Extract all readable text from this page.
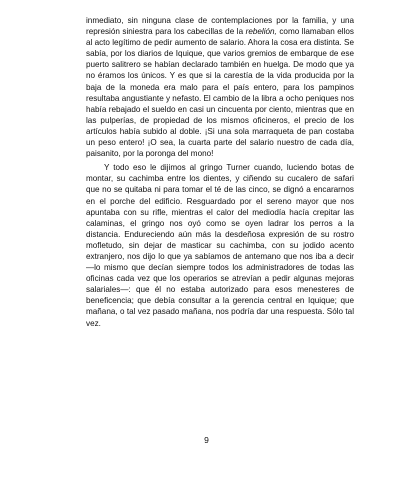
inmediato, sin ninguna clase de contemplaciones por la familia, y una represión siniestra para los cabecillas de la rebelión, como llamaban ellos al acto legítimo de pedir aumento de salario. Ahora la cosa era distinta. Se sabía, por los diarios de Iquique, que varios gremios de embarque de ese puerto salitrero se habían declarado también en huelga. De modo que ya no éramos los únicos. Y es que si la carestía de la vida producida por la baja de la moneda era malo para el país entero, para los pampinos resultaba angustiante y nefasto. El cambio de la libra a ocho peniques nos había rebajado el sueldo en casi un cincuenta por ciento, mientras que en las pulperías, de propiedad de los mismos oficineros, el precio de los artículos había subido al doble. ¡Si una sola marraqueta de pan costaba un peso entero! ¡O sea, la cuarta parte del salario nuestro de cada día, paisanito, por la poronga del mono!

Y todo eso le dijimos al gringo Turner cuando, luciendo botas de montar, su cachimba entre los dientes, y ciñendo su cucalero de safari que no se quitaba ni para tomar el té de las cinco, se dignó a encararnos en el porche del edificio. Resguardado por el sereno mayor que nos apuntaba con su rifle, mientras el calor del mediodía hacía crepitar las calaminas, el gringo nos oyó como se oyen ladrar los perros a la distancia. Endureciendo aún más la desdeñosa expresión de su rostro mofletudo, sin dejar de masticar su cachimba, con su jodido acento extranjero, nos dijo lo que ya sabíamos de antemano que nos iba a decir —lo mismo que decían siempre todos los administradores de todas las oficinas cada vez que los operarios se atrevían a pedir algunas mejoras salariales—: que él no estaba autorizado para esos menesteres de beneficencia; que debía consultar a la gerencia central en Iquique; que mañana, o tal vez pasado mañana, nos podría dar una respuesta. Sólo tal vez.

9
